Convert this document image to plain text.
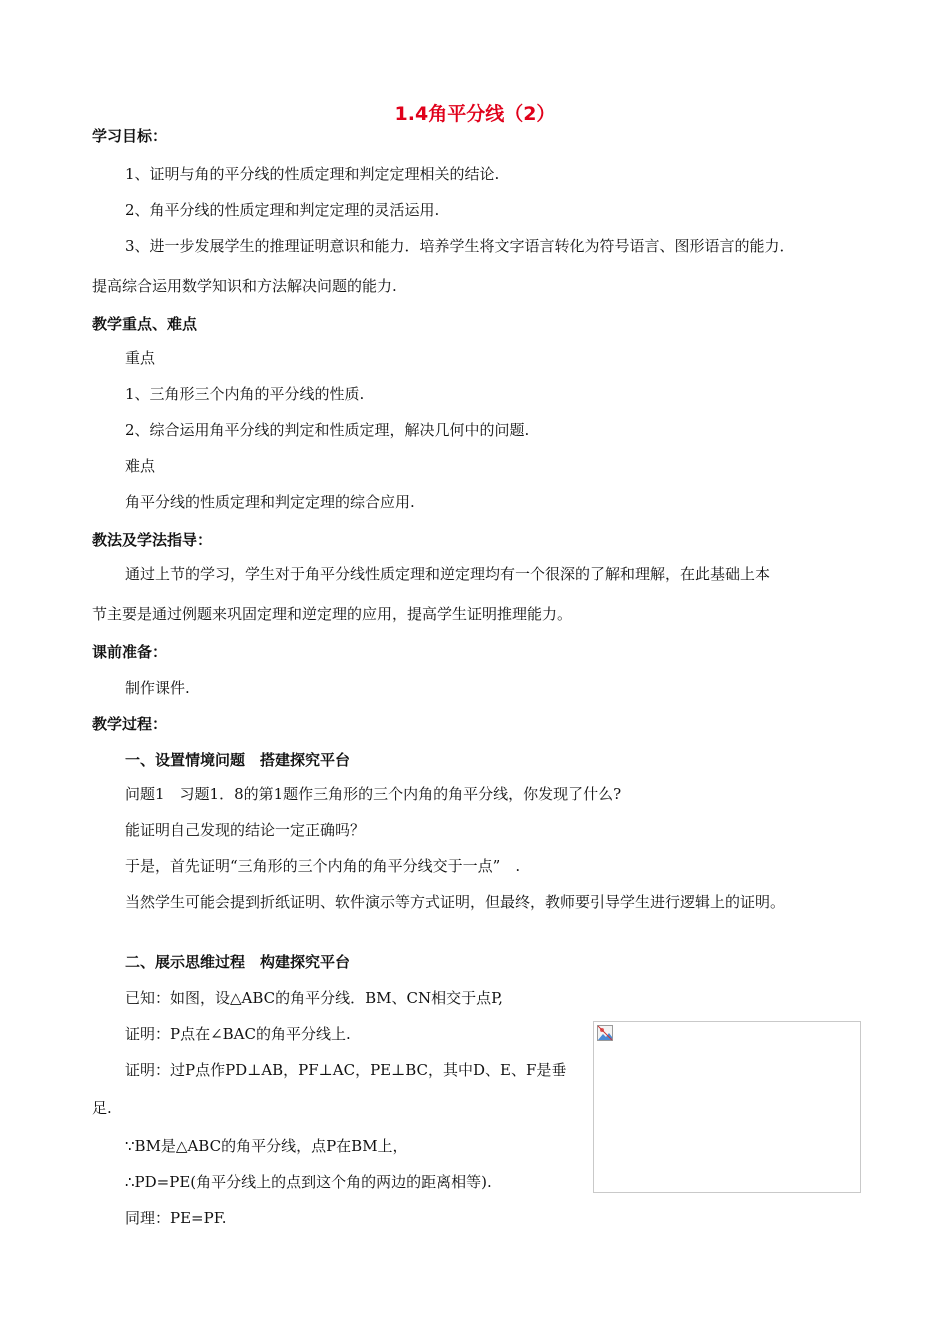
1.4角平分线（2）
学习目标：
1、证明与角的平分线的性质定理和判定定理相关的结论.
2、角平分线的性质定理和判定定理的灵活运用.
3、进一步发展学生的推理证明意识和能力．培养学生将文字语言转化为符号语言、图形语言的能力．
提高综合运用数学知识和方法解决问题的能力.
教学重点、难点
重点
1、三角形三个内角的平分线的性质.
2、综合运用角平分线的判定和性质定理，解决几何中的问题.
难点
角平分线的性质定理和判定定理的综合应用.
教法及学法指导：
通过上节的学习，学生对于角平分线性质定理和逆定理均有一个很深的了解和理解，在此基础上本
节主要是通过例题来巩固定理和逆定理的应用，提高学生证明推理能力。
课前准备：
制作课件.
教学过程：
一、设置情境问题　搭建探究平台
问题1　习题1．8的第1题作三角形的三个内角的角平分线，你发现了什么?
能证明自己发现的结论一定正确吗？
于是，首先证明“三角形的三个内角的角平分线交于一点”　.
当然学生可能会提到折纸证明、软件演示等方式证明，但最终，教师要引导学生进行逻辑上的证明。
二、展示思维过程　构建探究平台
已知：如图，设△ABC的角平分线．BM、CN相交于点P,
证明：P点在∠BAC的角平分线上.
证明：过P点作PD⊥AB，PF⊥AC，PE⊥BC，其中D、E、F是垂
足.
∵BM是△ABC的角平分线，点P在BM上，
∴PD=PE(角平分线上的点到这个角的两边的距离相等).
同理：PE=PF.
